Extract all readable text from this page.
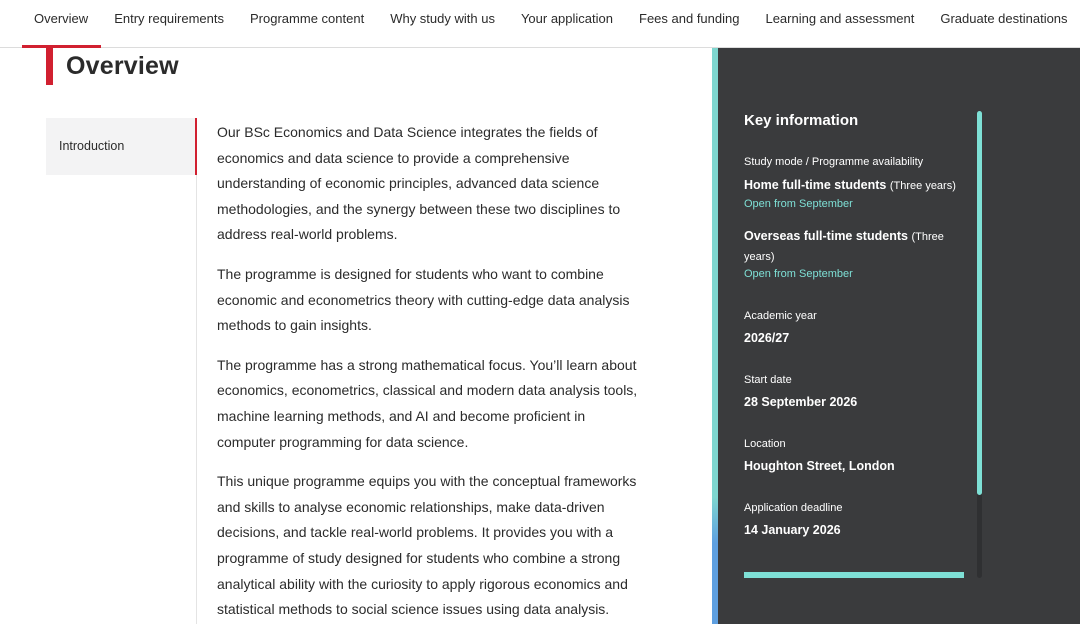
Overview	Entry requirements	Programme content	Why study with us	Your application	Fees and funding	Learning and assessment	Graduate destinations
Overview
Introduction

Our BSc Economics and Data Science integrates the fields of economics and data science to provide a comprehensive understanding of economic principles, advanced data science methodologies, and the synergy between these two disciplines to address real-world problems.

The programme is designed for students who want to combine economic and econometrics theory with cutting-edge data analysis methods to gain insights.

The programme has a strong mathematical focus. You’ll learn about economics, econometrics, classical and modern data analysis tools, machine learning methods, and AI and become proficient in computer programming for data science.

This unique programme equips you with the conceptual frameworks and skills to analyse economic relationships, make data-driven decisions, and tackle real-world problems. It provides you with a programme of study designed for students who combine a strong analytical ability with the curiosity to apply rigorous economics and statistical methods to social science issues using data analysis.

Key information
Study mode / Programme availability
Home full-time students (Three years)
Open from September
Overseas full-time students (Three years)
Open from September
Academic year
2026/27
Start date
28 September 2026
Location
Houghton Street, London
Application deadline
14 January 2026
